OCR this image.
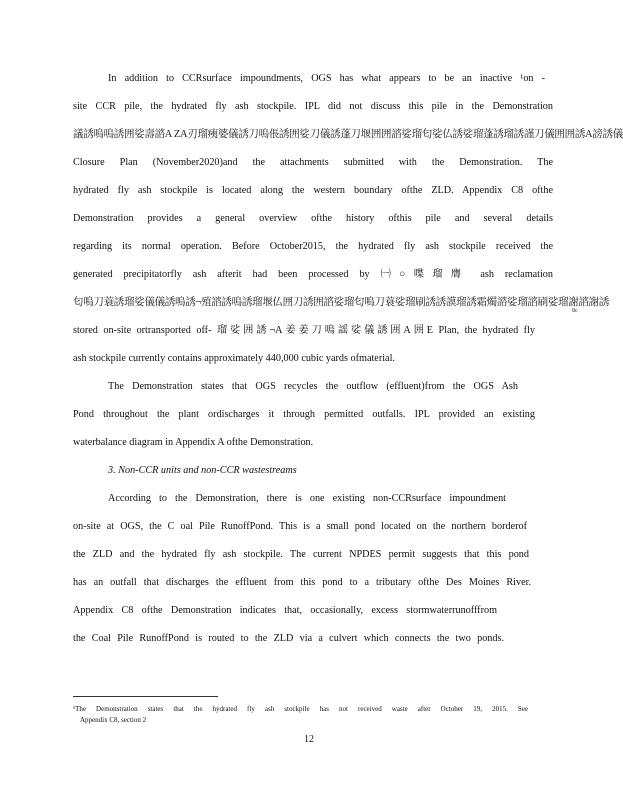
In addition to CCRsurface impoundments, OGS has what appears to be an inactive ¹on -
site CCR pile, the hydrated fly ash stockpile. IPL did not discuss this pile in the Demonstration
議誘嗚嗚誘囲娑壽諮A ZA刃瑠痍婆儀誘刀嗚倀誘囲娑刀儀誘蓬刀堰囲囲諮娑瑠匂娑仏誘娑瑠蓬誘瑠誘謹刀儀囲囲誘A謗誘儀
Closure Plan (November2020)and the attachments submitted with the Demonstration. The
hydrated fly ash stockpile is located along the western boundary ofthe ZLD. Appendix C8 ofthe
Demonstration provides a general overview ofthe history ofthis pile and several details
regarding its normal operation. Before October2015, the hydrated fly ash stockpile received the
generated precipitatorfly ash afterit had been processed by ㈠○喋瑠膺 ash reclamation
匂嗚刀蓑誘瑠娑儀儀誘嗚誘¬殖諮誘嗚誘瑠堰仏囲刀誘囲諮娑瑠匂嗚刀蓑娑瑠刷誘誘謨瑠誘霜燭諮娑瑠諮刷娑瑠謝諮謝誘
8c
stored on-site ortransported off- 瑠娑囲誘¬A姜姜刀嗚謡娑儀誘囲A囲E Plan, the hydrated fly
ash stockpile currently contains approximately 440,000 cubic yards ofmaterial.
The Demonstration states that OGS recycles the outflow (effluent)from the OGS Ash
Pond throughout the plant ordischarges it through permitted outfalls. IPL provided an existing
waterbalance diagram in Appendix A ofthe Demonstration.
3. Non-CCR units and non-CCR wastestreams
According to the Demonstration, there is one existing non-CCRsurface impoundment
on-site at OGS, the C oal Pile RunoffPond. This is a small pond located on the northern borderof
the ZLD and the hydrated fly ash stockpile. The current NPDES permit suggests that this pond
has an outfall that discharges the effluent from this pond to a tributary ofthe Des Moines River.
Appendix C8 ofthe Demonstration indicates that, occasionally, excess stormwaterrunofffrom
the Coal Pile RunoffPond is routed to the ZLD via a culvert which connects the two ponds.
¹The Demonstration states that the hydrated fly ash stockpile has not received waste after October 19, 2015. See
Appendix C8, section 2
12
